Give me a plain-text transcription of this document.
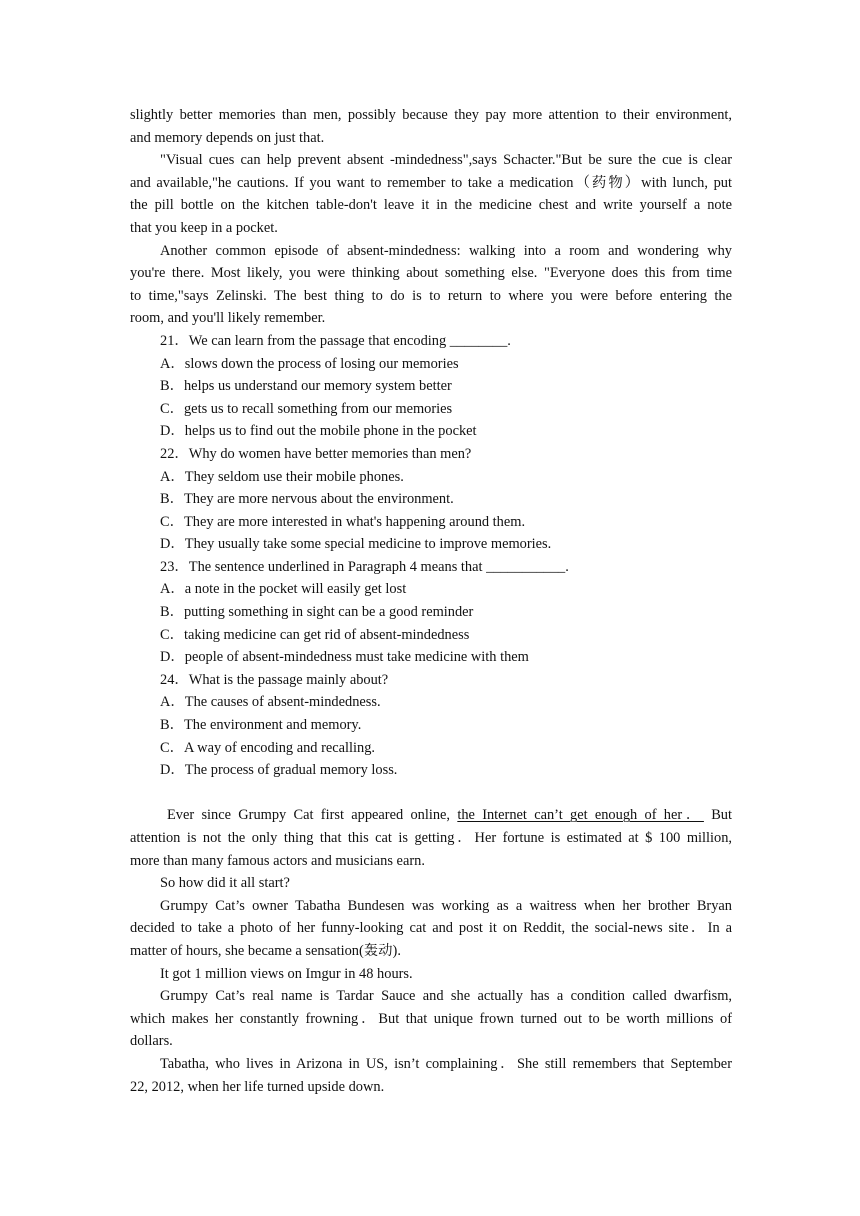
slightly better memories than men, possibly because they pay more attention to their environment,

and memory depends on just that.

"Visual cues can help prevent absent -mindedness",says Schacter."But be sure the cue is clear

and available,"he cautions. If you want to remember to take a medication（药物）with lunch, put

the pill bottle on the kitchen table-don't leave it in the medicine chest and write yourself a note

that you keep in a pocket.

Another common episode of absent-mindedness: walking into a room and wondering why

you're there. Most likely, you were thinking about something else. "Everyone does this from time

to time,"says Zelinski. The best thing to do is to return to where you were before entering the

room, and you'll likely remember.

21．We can learn from the passage that encoding ________.

A．slows down the process of losing our memories

B．helps us understand our memory system better

C．gets us to recall something from our memories

D．helps us to find out the mobile phone in the pocket

22．Why do women have better memories than men?

A．They seldom use their mobile phones.

B．They are more nervous about the environment.

C．They are more interested in what's happening around them.

D．They usually take some special medicine to improve memories.

23．The sentence underlined in Paragraph 4 means that ___________.

A．a note in the pocket will easily get lost

B．putting something in sight can be a good reminder

C．taking medicine can get rid of absent-mindedness

D．people of absent-mindedness must take medicine with them

24．What is the passage mainly about?

A．The causes of absent-mindedness.

B．The environment and memory.

C．A way of encoding and recalling.

D．The process of gradual memory loss.

Ever since Grumpy Cat first appeared online, the Internet can’t get enough of her． But

attention is not the only thing that this cat is getting．Her fortune is estimated at $ 100 million,

more than many famous actors and musicians earn.

So how did it all start?

Grumpy Cat’s owner Tabatha Bundesen was working as a waitress when her brother Bryan

decided to take a photo of her funny-looking cat and post it on Reddit, the social-news site．In a

matter of hours, she became a sensation(轰动).

It got 1 million views on Imgur in 48 hours.

Grumpy Cat’s real name is Tardar Sauce and she actually has a condition called dwarfism,

which makes her constantly frowning．But that unique frown turned out to be worth millions of

dollars.

Tabatha, who lives in Arizona in US, isn’t complaining．She still remembers that September

22, 2012, when her life turned upside down.
